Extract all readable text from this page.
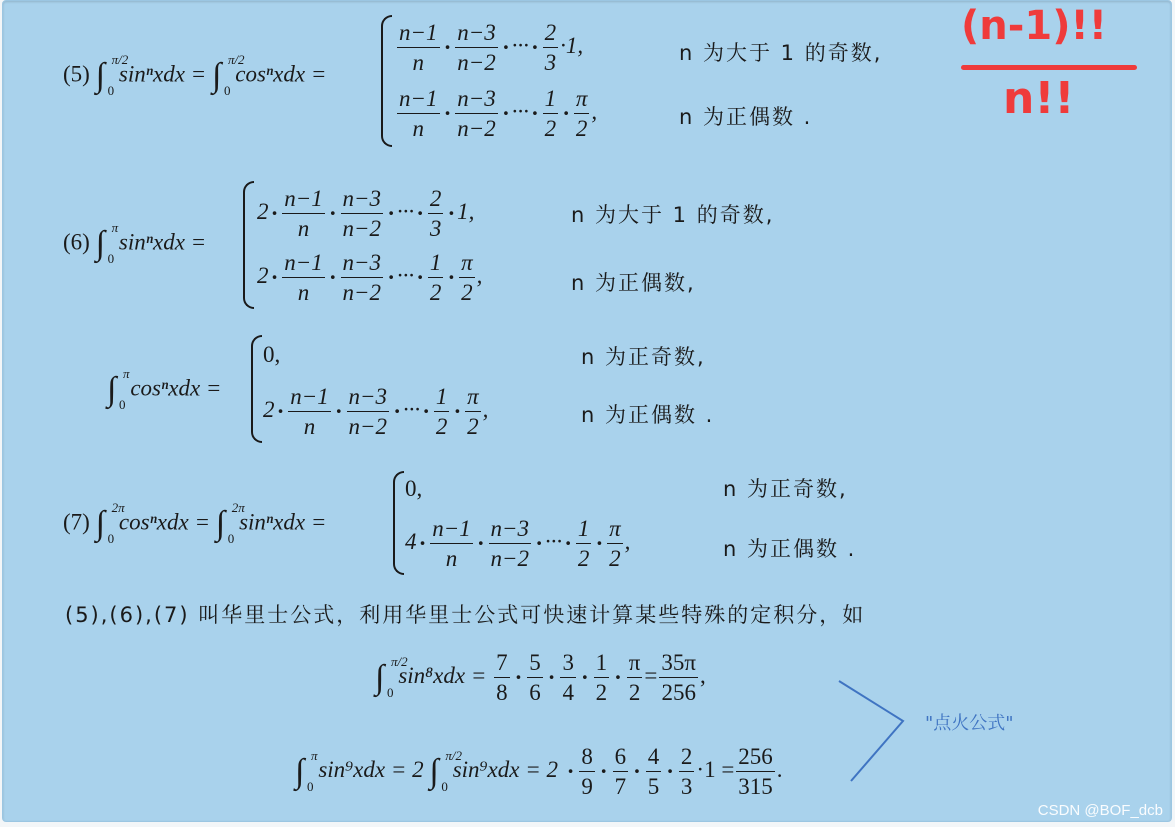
(5) ∫ π/2
0
sinⁿxdx = ∫ π/2
0
cosⁿxdx =	$\frac{n-1}{n} \cdot \frac{n-3}{n-2}$ · ··· · $\frac{2}{3} \cdot 1$,	n 为大于 1 的奇数,
$\frac{n-1}{n} \cdot \frac{n-3}{n-2}$ · ··· · $\frac{1}{2} \cdot \frac{\pi}{2}$ ,	n 为正偶数 .
(6) ∫ π
0
sinⁿxdx =
$2 \cdot \frac{n-1}{n} \cdot \frac{n-3}{n-2}$ · ··· · $\frac{2}{3} \cdot 1$,	n 为大于 1 的奇数,
$2 \cdot \frac{n-1}{n} \cdot \frac{n-3}{n-2}$ · ··· · $\frac{1}{2} \cdot \frac{\pi}{2}$ ,	n 为正偶数,
∫ π
0
cosⁿxdx =
0,	n 为正奇数,
$2 \cdot \frac{n-1}{n} \cdot \frac{n-3}{n-2}$ · ··· · $\frac{1}{2} \cdot \frac{\pi}{2}$ ,	n 为正偶数 .
(7) ∫ 2π
0
cosⁿxdx = ∫ 2π
0
sinⁿxdx =
0,	n 为正奇数,
$4 \cdot \frac{n-1}{n} \cdot \frac{n-3}{n-2}$ · ··· · $\frac{1}{2} \cdot \frac{\pi}{2}$ ,	n 为正偶数 .
(5),(6),(7) 叫华里士公式，利用华里士公式可快速计算某些特殊的定积分，如
∫ π/2
0
$\sin^8xdx = \frac{7}{8} \cdot \frac{5}{6} \cdot \frac{3}{4} \cdot \frac{1}{2} \cdot \frac{\pi}{2} = \frac{35\pi}{256}$ ,
∫ π
0
sin⁹xdx = 2 ∫ π/2
0
$\sin^9xdx = 2 \cdot \frac{8}{9} \cdot \frac{6}{7} \cdot \frac{4}{5} \cdot \frac{2}{3} \cdot 1 = \frac{256}{315}$ .
(n-1)!!
n!!
"点火公式"
CSDN @BOF_dcb
